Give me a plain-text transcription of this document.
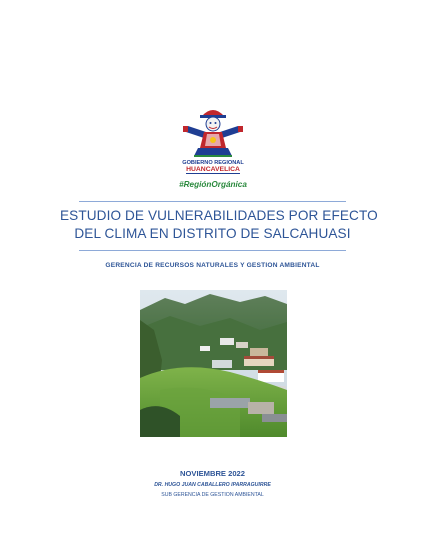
GOBIERNO REGIONAL
HUANCAVELICA
#RegiónOrgánica
ESTUDIO DE VULNERABILIDADES POR EFECTO
DEL CLIMA EN DISTRITO DE SALCAHUASI
GERENCIA DE RECURSOS NATURALES Y GESTION AMBIENTAL
NOVIEMBRE 2022
DR. HUGO JUAN CABALLERO IPARRAGUIRRE
SUB GERENCIA DE GESTION AMBIENTAL
